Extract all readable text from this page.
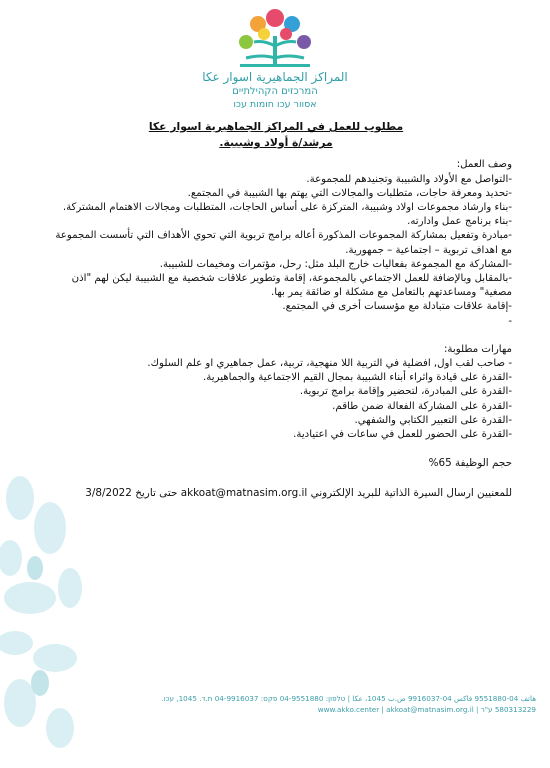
المراكز الجماهيرية اسوار عكا
המרכזים הקהילתיים
אסוור עכו חומות עכו
مطلوب للعمل في المراكز الجماهيرية اسوار عكا
مرشد/ة أولاد وشبيبة.
وصف العمل:
-التواصل مع الأولاد والشبيبة وتجنيدهم للمجموعة.
-تحديد ومعرفة حاجات، متطلبات والمجالات التي يهتم بها الشبيبة في المجتمع.
-بناء وارشاد مجموعات اولاد وشبيبة، المتركزة على أساس الحاجات، المتطلبات ومجالات الاهتمام المشتركة.
-بناء برنامج عمل وادارته.
-مبادرة وتفعيل بمشاركة المجموعات المذكورة أعاله برامج تربوية التي تحوي الأهداف التي تأسست المجموعة
مع اهداف تربوية – اجتماعية – جمهورية.
-المشاركة مع المجموعة بفعاليات خارج البلد مثل: رحل، مؤتمرات ومخيمات للشبيبة.
-بالمقابل وبالإضافة للعمل الاجتماعي بالمجموعة، إقامة وتطوير علاقات شخصية مع الشبيبة ليكن لهم "اذن
مصغية" ومساعدتهم بالتعامل مع مشكلة او ضائقة يمر بها.
-إقامة علاقات متبادلة مع مؤسسات أخرى في المجتمع.
-
مهارات مطلوبة:
- صاحب لقب اول, افضلية في التربية اللا منهجية، تربية، عمل جماهيري او علم السلوك.
-القدرة على قيادة واثراء أبناء الشبيبة بمجال القيم الاجتماعية والجماهيرية.
-القدرة على المبادرة، لتحضير وإقامة برامج تربوية.
-القدرة على المشاركة الفعالة ضمن طاقم.
-القدرة على التعبير الكتابي والشفهي.
-القدرة على الحضور للعمل في ساعات في اعتيادية.
حجم الوظيفة 65%
للمعنيين ارسال السيرة الذاتية للبريد الإلكتروني akkoat@matnasim.org.il حتى تاريخ 3/8/2022
هاتف 04-9551880 فاكس 04-9916037 ص.ب 1045، عكا | טלפון: 04-9551880 פקס: 04-9916037 ת.ד. 1045, עכו.
580313229 ע"ר | www.akko.center | akkoat@matnasim.org.il
